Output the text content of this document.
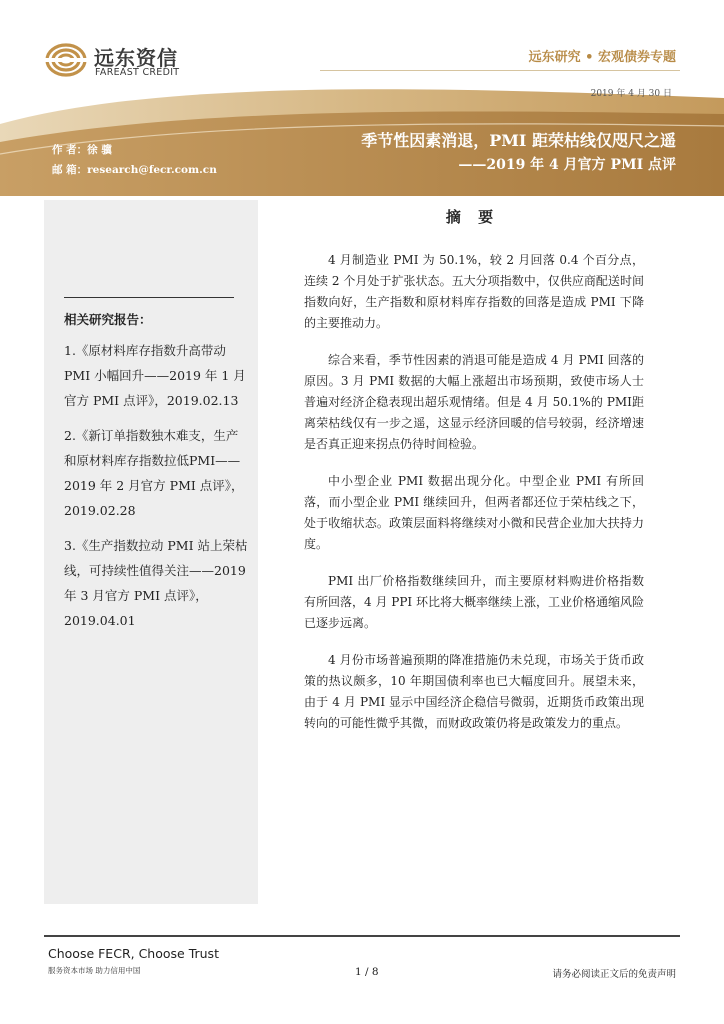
远东资信
FAREAST CREDIT
远东研究 • 宏观债券专题
2019 年 4 月 30 日
季节性因素消退，PMI 距荣枯线仅咫尺之遥
——2019 年 4 月官方 PMI 点评
作 者：徐 骥
邮 箱：research@fecr.com.cn
相关研究报告：
1.《原材料库存指数升高带动PMI 小幅回升——2019 年 1 月官方 PMI 点评》，2019.02.13
2.《新订单指数独木难支，生产和原材料库存指数拉低PMI——2019 年 2 月官方 PMI 点评》，2019.02.28
3.《生产指数拉动 PMI 站上荣枯线，可持续性值得关注——2019 年 3 月官方 PMI 点评》，2019.04.01
摘 要

4 月制造业 PMI 为 50.1%，较 2 月回落 0.4 个百分点，连续 2 个月处于扩张状态。五大分项指数中，仅供应商配送时间指数向好，生产指数和原材料库存指数的回落是造成 PMI 下降的主要推动力。

综合来看，季节性因素的消退可能是造成 4 月 PMI 回落的原因。3 月 PMI 数据的大幅上涨超出市场预期，致使市场人士普遍对经济企稳表现出超乐观情绪。但是 4 月 50.1%的 PMI距离荣枯线仅有一步之遥，这显示经济回暖的信号较弱，经济增速是否真正迎来拐点仍待时间检验。

中小型企业 PMI 数据出现分化。中型企业 PMI 有所回落，而小型企业 PMI 继续回升，但两者都还位于荣枯线之下，处于收缩状态。政策层面料将继续对小微和民营企业加大扶持力度。

PMI 出厂价格指数继续回升，而主要原材料购进价格指数有所回落，4 月 PPI 环比将大概率继续上涨，工业价格通缩风险已逐步远离。

4 月份市场普遍预期的降准措施仍未兑现，市场关于货币政策的热议颇多，10 年期国债利率也已大幅度回升。展望未来，由于 4 月 PMI 显示中国经济企稳信号微弱，近期货币政策出现转向的可能性微乎其微，而财政政策仍将是政策发力的重点。

Choose FECR, Choose Trust
服务资本市场 助力信用中国	1 / 8	请务必阅读正文后的免责声明
